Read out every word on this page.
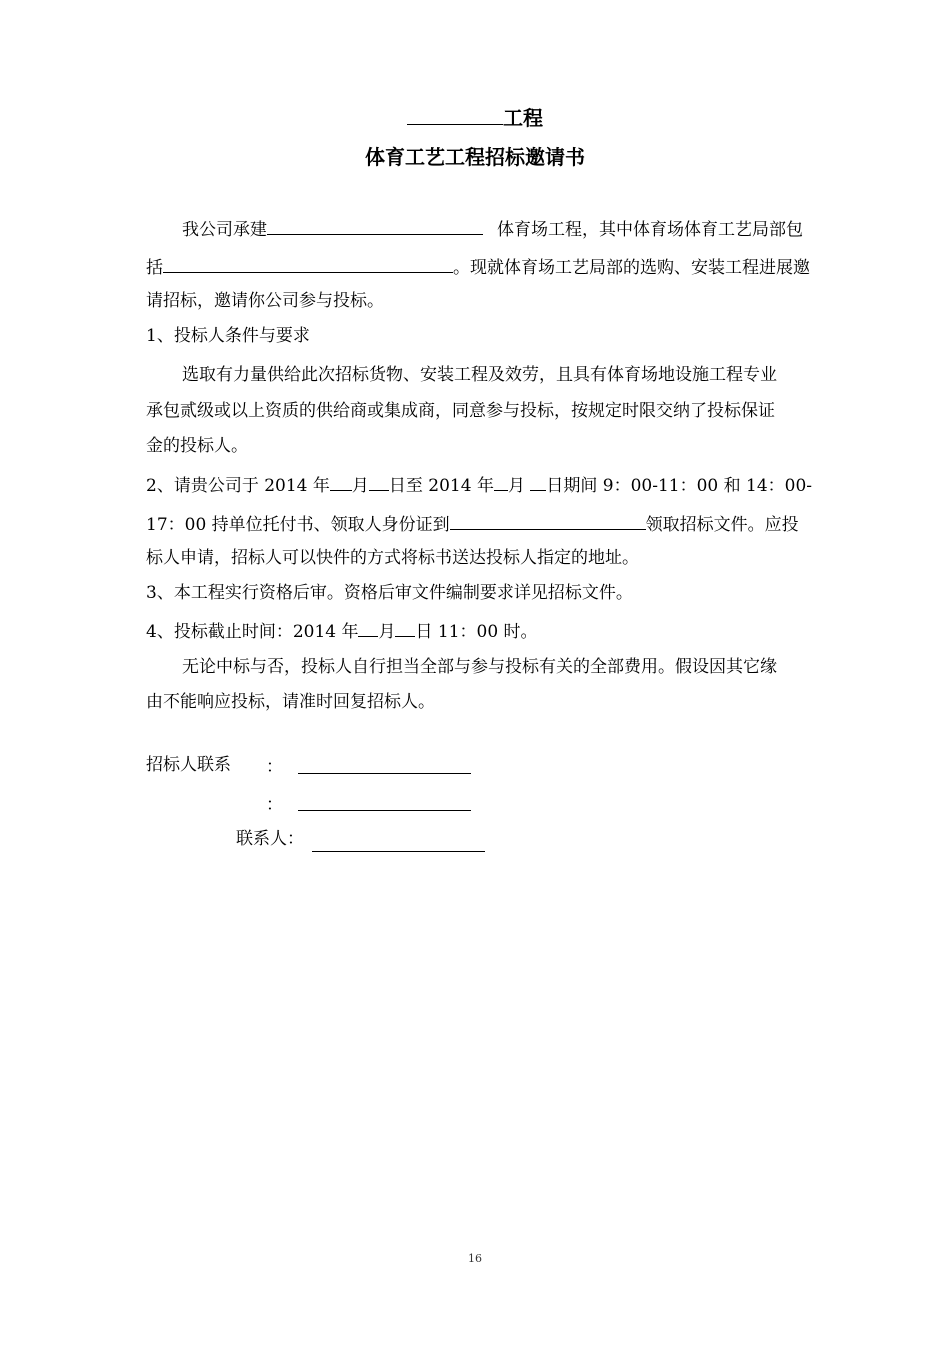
工程
体育工艺工程招标邀请书
我公司承建	体育场工程，其中体育场体育工艺局部包
括	。现就体育场工艺局部的选购、安装工程进展邀
请招标，邀请你公司参与投标。
1、投标人条件与要求
选取有力量供给此次招标货物、安装工程及效劳，且具有体育场地设施工程专业
承包贰级或以上资质的供给商或集成商，同意参与投标，按规定时限交纳了投标保证
金的投标人。
2、请贵公司于 2014 年 月 日至 2014 年 月 日期间 9：00-11：00 和 14：00-
17：00 持单位托付书、领取人身份证到	领取招标文件。应投
标人申请，招标人可以快件的方式将标书送达投标人指定的地址。
3、本工程实行资格后审。资格后审文件编制要求详见招标文件。
4、投标截止时间：2014 年 月 日 11：00 时。
无论中标与否，投标人自行担当全部与参与投标有关的全部费用。假设因其它缘
由不能响应投标，请准时回复招标人。
招标人联系 ：
：
联系人：
16
